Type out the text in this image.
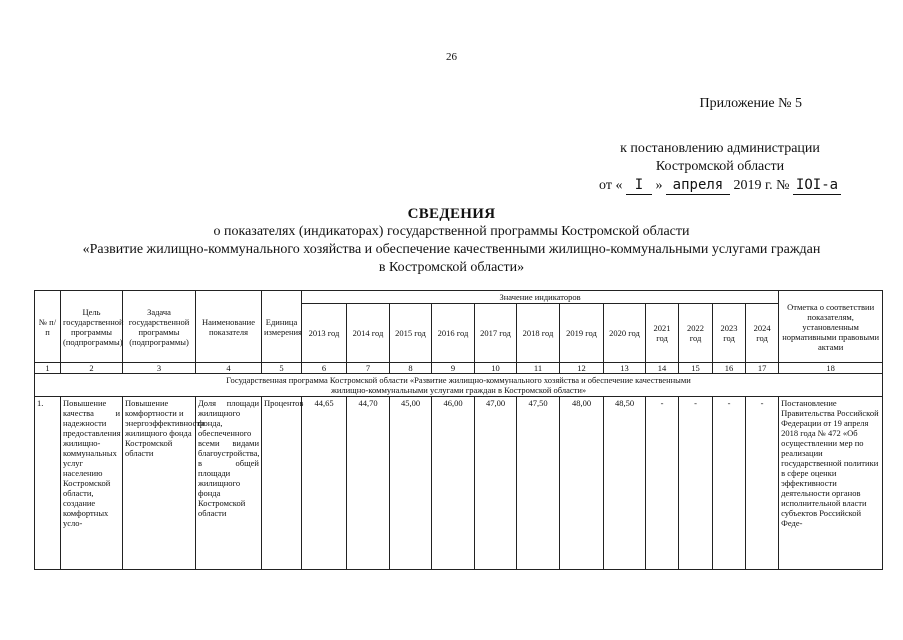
26
Приложение № 5
к постановлению администрации
Костромской области
от « I » апреля 2019 г. № IOI-а
СВЕДЕНИЯ
о показателях (индикаторах) государственной программы Костромской области
«Развитие жилищно-коммунального хозяйства и обеспечение качественными жилищно-коммунальными услугами граждан
в Костромской области»
№ п/п	Цель государственной программы (подпрограммы)	Задача государственной программы (подпрограммы)	Наименование показателя	Единица измерения	Значение индикаторов												Отметка о соответствии показателям, установленным нормативными правовыми актами
					2013 год	2014 год	2015 год	2016 год	2017 год	2018 год	2019 год	2020 год	2021 год	2022 год	2023 год	2024 год	
1	2	3	4	5	6	7	8	9	10	11	12	13	14	15	16	17	18
Государственная программа Костромской области «Развитие жилищно-коммунального хозяйства и обеспечение качественными жилищно-коммунальными услугами граждан в Костромской области»																	
1.	Повышение качества и надежности предоставления жилищно-коммунальных услуг населению Костромской области, создание комфортных усло-	Повышение комфортности и энергоэффективности жилищного фонда Костромской области	Доля площади жилищного фонда, обеспеченного всеми видами благоустройства, в общей площади жилищного фонда Костромской области	Процентов	44,65	44,70	45,00	46,00	47,00	47,50	48,00	48,50	-	-	-	-	Постановление Правительства Российской Федерации от 19 апреля 2018 года № 472 «Об осуществлении мер по реализации государственной политики в сфере оценки эффективности деятельности органов исполнительной власти субъектов Российской Феде-
